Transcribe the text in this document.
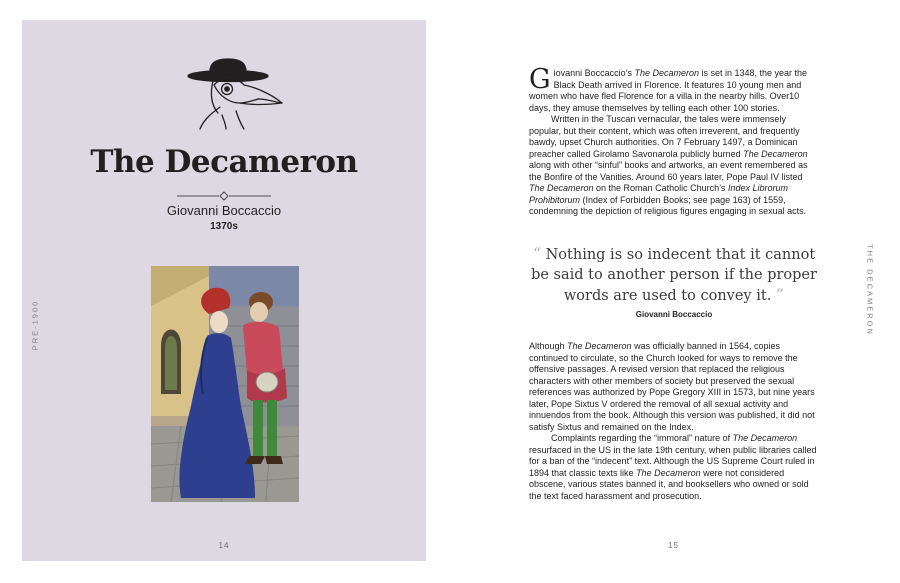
The Decameron
Giovanni Boccaccio
1370s
PRE-1900
14
G iovanni Boccaccio’s The Decameron is set in 1348, the year the Black Death arrived in Florence. It features 10 young men and women who have fled Florence for a villa in the nearby hills. Over10 days, they amuse themselves by telling each other 100 stories.

Written in the Tuscan vernacular, the tales were immensely popular, but their content, which was often irreverent, and frequently bawdy, upset Church authorities. On 7 February 1497, a Dominican preacher called Girolamo Savonarola publicly burned The Decameron along with other “sinful” books and artworks, an event remembered as the Bonfire of the Vanities. Around 60 years later, Pope Paul IV listed The Decameron on the Roman Catholic Church’s Index Librorum Prohibitorum (Index of Forbidden Books; see page 163) of 1559, condemning the depiction of religious figures engaging in sexual acts.

“ Nothing is so indecent that it cannot be said to another person if the proper words are used to convey it. ”
Giovanni Boccaccio

Although The Decameron was officially banned in 1564, copies continued to circulate, so the Church looked for ways to remove the offensive passages. A revised version that replaced the religious characters with other members of society but preserved the sexual references was authorized by Pope Gregory XIII in 1573, but nine years later, Pope Sixtus V ordered the removal of all sexual activity and innuendos from the book. Although this version was published, it did not satisfy Sixtus and remained on the Index.

Complaints regarding the “immoral” nature of The Decameron resurfaced in the US in the late 19th century, when public libraries called for a ban of the “indecent” text. Although the US Supreme Court ruled in 1894 that classic texts like The Decameron were not considered obscene, various states banned it, and booksellers who owned or sold the text faced harassment and prosecution.

THE DECAMERON
15
